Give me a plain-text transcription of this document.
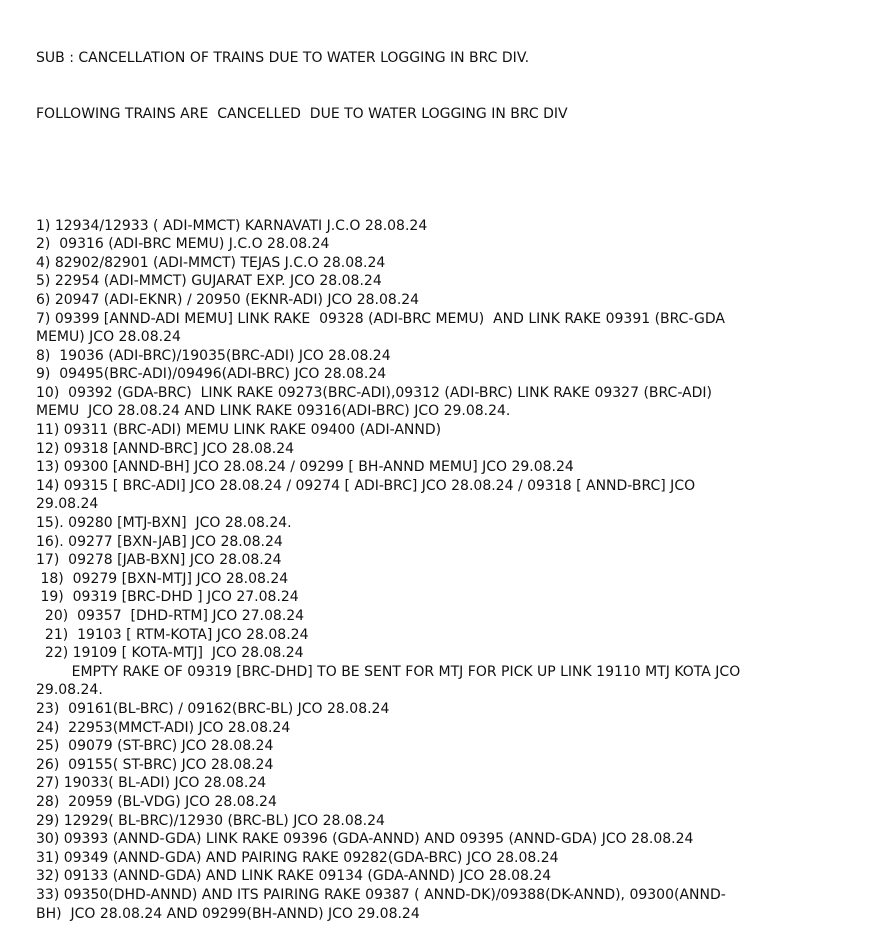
SUB : CANCELLATION OF TRAINS DUE TO WATER LOGGING IN BRC DIV.

FOLLOWING TRAINS ARE  CANCELLED  DUE TO WATER LOGGING IN BRC DIV

1) 12934/12933 ( ADI-MMCT) KARNAVATI J.C.O 28.08.24
2)  09316 (ADI-BRC MEMU) J.C.O 28.08.24
4) 82902/82901 (ADI-MMCT) TEJAS J.C.O 28.08.24
5) 22954 (ADI-MMCT) GUJARAT EXP. JCO 28.08.24
6) 20947 (ADI-EKNR) / 20950 (EKNR-ADI) JCO 28.08.24
7) 09399 [ANND-ADI MEMU] LINK RAKE  09328 (ADI-BRC MEMU)  AND LINK RAKE 09391 (BRC-GDA
MEMU) JCO 28.08.24
8)  19036 (ADI-BRC)/19035(BRC-ADI) JCO 28.08.24
9)  09495(BRC-ADI)/09496(ADI-BRC) JCO 28.08.24
10)  09392 (GDA-BRC)  LINK RAKE 09273(BRC-ADI),09312 (ADI-BRC) LINK RAKE 09327 (BRC-ADI)
MEMU  JCO 28.08.24 AND LINK RAKE 09316(ADI-BRC) JCO 29.08.24.
11) 09311 (BRC-ADI) MEMU LINK RAKE 09400 (ADI-ANND)
12) 09318 [ANND-BRC] JCO 28.08.24
13) 09300 [ANND-BH] JCO 28.08.24 / 09299 [ BH-ANND MEMU] JCO 29.08.24
14) 09315 [ BRC-ADI] JCO 28.08.24 / 09274 [ ADI-BRC] JCO 28.08.24 / 09318 [ ANND-BRC] JCO
29.08.24
15). 09280 [MTJ-BXN]  JCO 28.08.24.
16). 09277 [BXN-JAB] JCO 28.08.24
17)  09278 [JAB-BXN] JCO 28.08.24
18)  09279 [BXN-MTJ] JCO 28.08.24
19)  09319 [BRC-DHD ] JCO 27.08.24
20)  09357  [DHD-RTM] JCO 27.08.24
21)  19103 [ RTM-KOTA] JCO 28.08.24
22) 19109 [ KOTA-MTJ]  JCO 28.08.24
EMPTY RAKE OF 09319 [BRC-DHD] TO BE SENT FOR MTJ FOR PICK UP LINK 19110 MTJ KOTA JCO
29.08.24.
23)  09161(BL-BRC) / 09162(BRC-BL) JCO 28.08.24
24)  22953(MMCT-ADI) JCO 28.08.24
25)  09079 (ST-BRC) JCO 28.08.24
26)  09155( ST-BRC) JCO 28.08.24
27) 19033( BL-ADI) JCO 28.08.24
28)  20959 (BL-VDG) JCO 28.08.24
29) 12929( BL-BRC)/12930 (BRC-BL) JCO 28.08.24
30) 09393 (ANND-GDA) LINK RAKE 09396 (GDA-ANND) AND 09395 (ANND-GDA) JCO 28.08.24
31) 09349 (ANND-GDA) AND PAIRING RAKE 09282(GDA-BRC) JCO 28.08.24
32) 09133 (ANND-GDA) AND LINK RAKE 09134 (GDA-ANND) JCO 28.08.24
33) 09350(DHD-ANND) AND ITS PAIRING RAKE 09387 ( ANND-DK)/09388(DK-ANND), 09300(ANND-
BH)  JCO 28.08.24 AND 09299(BH-ANND) JCO 29.08.24
